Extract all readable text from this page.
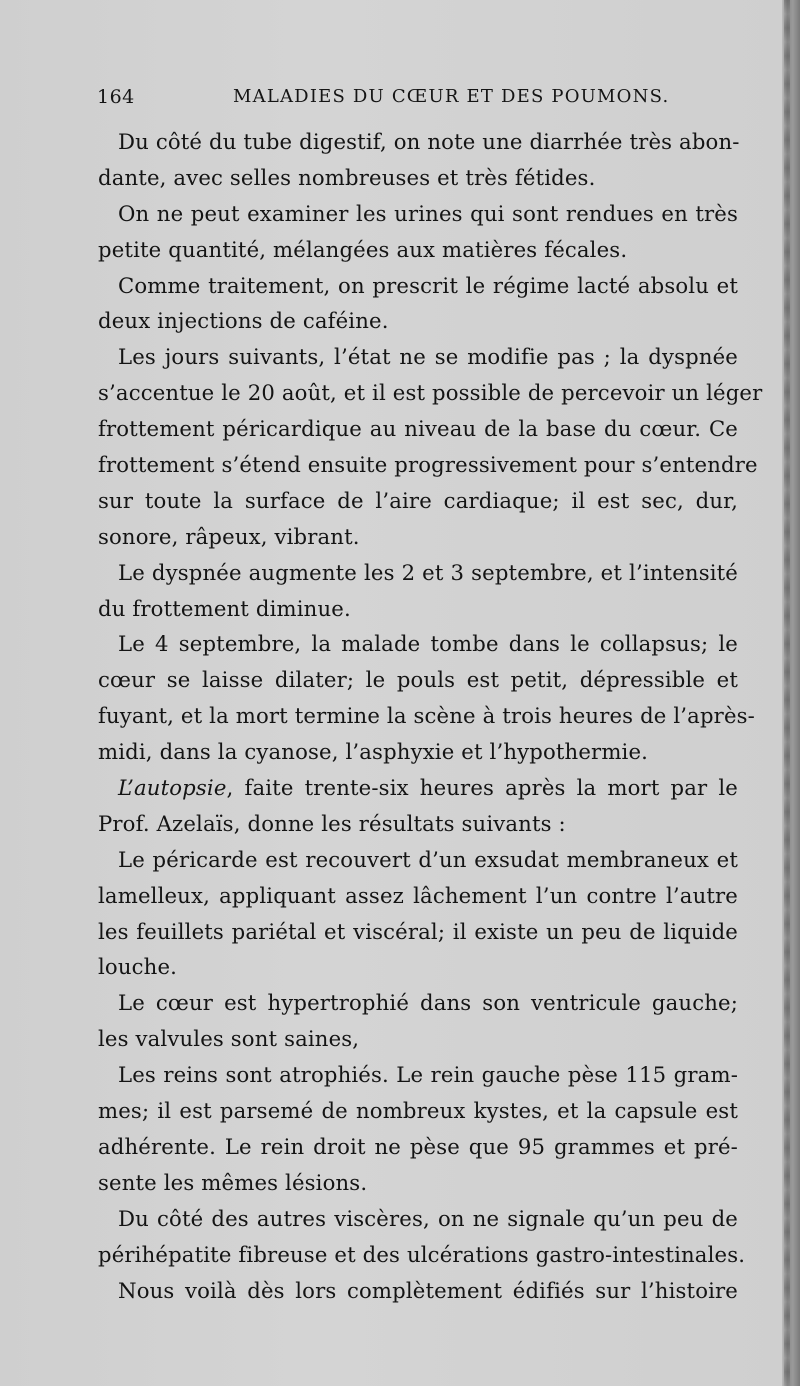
164	MALADIES DU CŒUR ET DES POUMONS.
Du côté du tube digestif, on note une diarrhée très abon-
dante, avec selles nombreuses et très fétides.
On ne peut examiner les urines qui sont rendues en très
petite quantité, mélangées aux matières fécales.
Comme traitement, on prescrit le régime lacté absolu et
deux injections de caféine.
Les jours suivants, l’état ne se modifie pas ; la dyspnée
s’accentue le 20 août, et il est possible de percevoir un léger
frottement péricardique au niveau de la base du cœur. Ce
frottement s’étend ensuite progressivement pour s’entendre
sur toute la surface de l’aire cardiaque; il est sec, dur,
sonore, râpeux, vibrant.
Le dyspnée augmente les 2 et 3 septembre, et l’intensité
du frottement diminue.
Le 4 septembre, la malade tombe dans le collapsus; le
cœur se laisse dilater; le pouls est petit, dépressible et
fuyant, et la mort termine la scène à trois heures de l’après-
midi, dans la cyanose, l’asphyxie et l’hypothermie.
L’autopsie, faite trente-six heures après la mort par le
Prof. Azelaïs, donne les résultats suivants :
Le péricarde est recouvert d’un exsudat membraneux et
lamelleux, appliquant assez lâchement l’un contre l’autre
les feuillets pariétal et viscéral; il existe un peu de liquide
louche.
Le cœur est hypertrophié dans son ventricule gauche;
les valvules sont saines,
Les reins sont atrophiés. Le rein gauche pèse 115 gram-
mes; il est parsemé de nombreux kystes, et la capsule est
adhérente. Le rein droit ne pèse que 95 grammes et pré-
sente les mêmes lésions.
Du côté des autres viscères, on ne signale qu’un peu de
périhépatite fibreuse et des ulcérations gastro-intestinales.
Nous voilà dès lors complètement édifiés sur l’histoire
